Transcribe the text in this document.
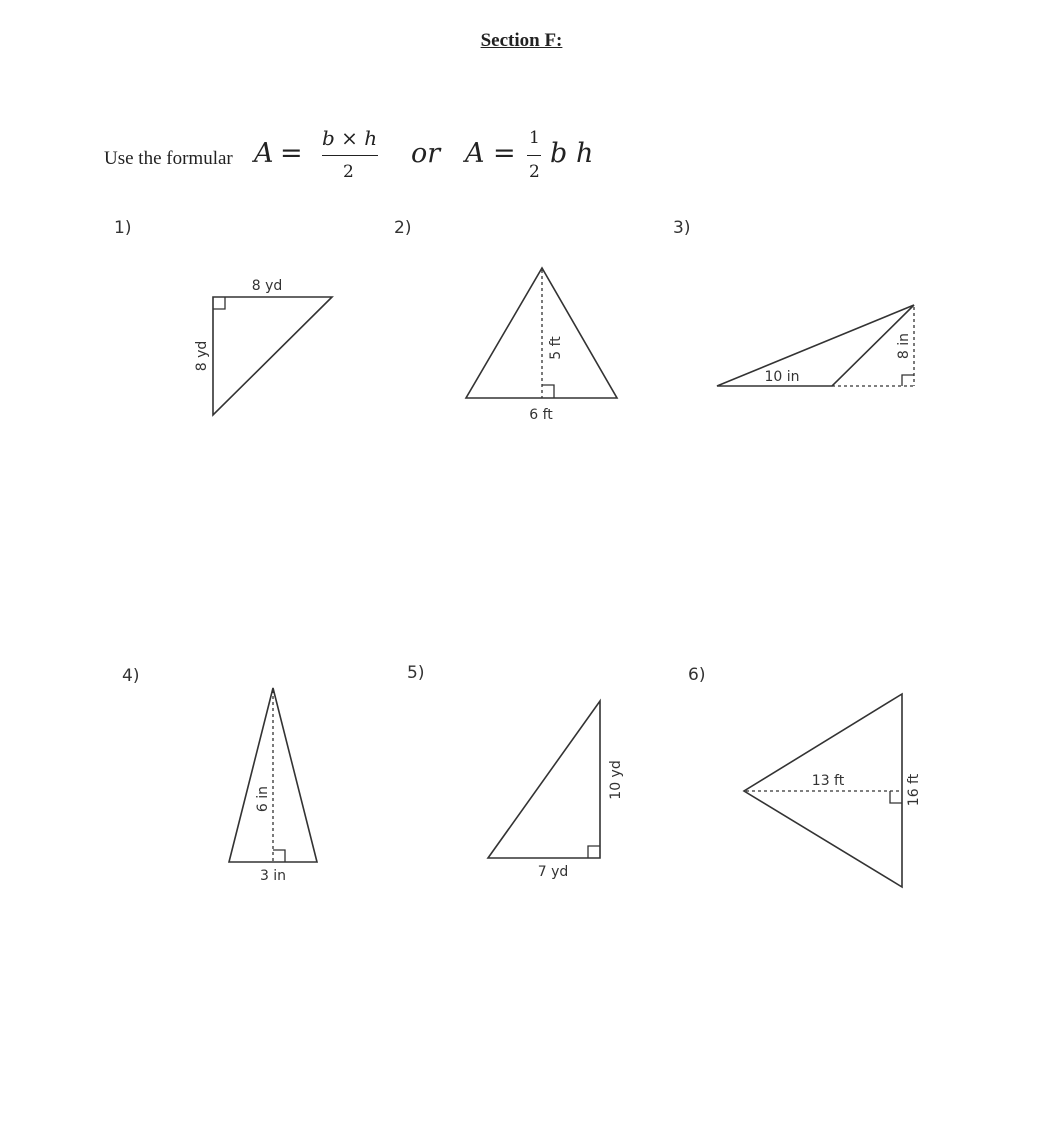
Section F:
Use the formular A = b × h
2
or A = 1
2
b h
1)	2)	3)
4)	5)	6)
8 yd
8 yd
6 ft
5 ft
10 in
8 in
3 in
6 in
7 yd
10 yd	13 ft	16 ft
